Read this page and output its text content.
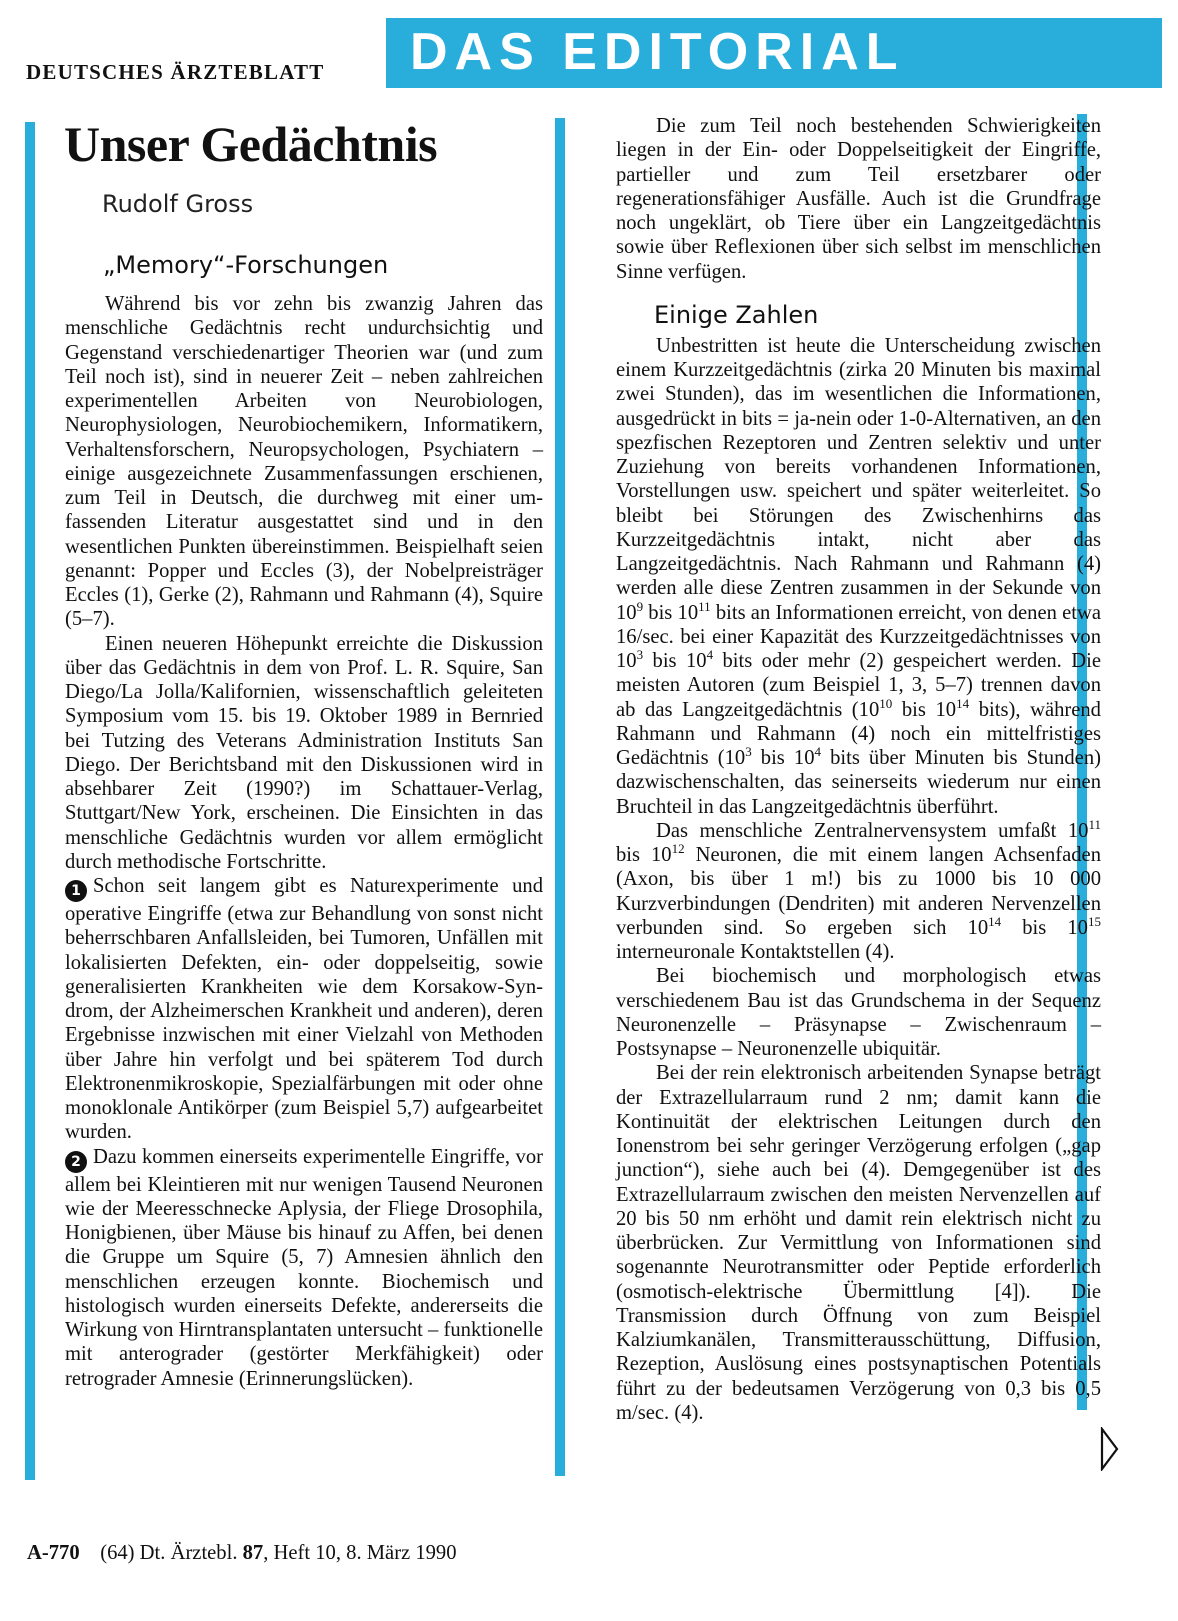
DEUTSCHES ÄRZTEBLATT DAS EDITORIAL
Unser Gedächtnis
Rudolf Gross
„Memory“-Forschungen

Während bis vor zehn bis zwanzig Jahren das menschliche Gedächtnis recht undurchsichtig und Gegenstand verschiedenartiger Theorien war (und zum Teil noch ist), sind in neuerer Zeit – neben zahlreichen experimentellen Arbeiten von Neurobiologen, Neurophysiologen, Neurobiochemikern, Informatikern, Verhaltensforschern, Neuropsychologen, Psychiatern – einige ausgezeichnete Zusammenfassungen erschienen, zum Teil in Deutsch, die durchweg mit einer umfassenden Literatur ausgestattet sind und in den wesentlichen Punkten übereinstimmen. Beispielhaft seien genannt: Popper und Eccles (3), der Nobelpreisträger Eccles (1), Gerke (2), Rahmann und Rahmann (4), Squire (5–7).

Einen neueren Höhepunkt erreichte die Diskussion über das Gedächtnis in dem von Prof. L. R. Squire, San Diego/La Jolla/Kalifornien, wissenschaftlich geleiteten Symposium vom 15. bis 19. Oktober 1989 in Bernried bei Tutzing des Veterans Administration Instituts San Diego. Der Berichtsband mit den Diskussionen wird in absehbarer Zeit (1990?) im Schattauer-Verlag, Stuttgart/New York, erscheinen. Die Einsichten in das menschliche Gedächtnis wurden vor allem ermöglicht durch methodische Fortschritte.

1 Schon seit langem gibt es Naturexperimente und operative Eingriffe (etwa zur Behandlung von sonst nicht beherrschbaren Anfallsleiden, bei Tumoren, Unfällen mit lokalisierten Defekten, ein- oder doppelseitig, sowie generalisierten Krankheiten wie dem Korsakow-Syndrom, der Alzheimerschen Krankheit und anderen), deren Ergebnisse inzwischen mit einer Vielzahl von Methoden über Jahre hin verfolgt und bei späterem Tod durch Elektronenmikroskopie, Spezialfärbungen mit oder ohne monoklonale Antikörper (zum Beispiel 5,7) aufgearbeitet wurden.

2 Dazu kommen einerseits experimentelle Eingriffe, vor allem bei Kleintieren mit nur wenigen Tausend Neuronen wie der Meeresschnecke Aplysia, der Fliege Drosophila, Honigbienen, über Mäuse bis hinauf zu Affen, bei denen die Gruppe um Squire (5, 7) Amnesien ähnlich den menschlichen erzeugen konnte. Biochemisch und histologisch wurden einerseits Defekte, andererseits die Wirkung von Hirntransplantaten untersucht – funktionelle mit anterograder (gestörter Merkfähigkeit) oder retrograder Amnesie (Erinnerungslücken).

Die zum Teil noch bestehenden Schwierigkeiten liegen in der Ein- oder Doppelseitigkeit der Eingriffe, partieller und zum Teil ersetzbarer oder regenerationsfähiger Ausfälle. Auch ist die Grundfrage noch ungeklärt, ob Tiere über ein Langzeitgedächtnis sowie über Reflexionen über sich selbst im menschlichen Sinne verfügen.

Einige Zahlen

Unbestritten ist heute die Unterscheidung zwischen einem Kurzzeitgedächtnis (zirka 20 Minuten bis maximal zwei Stunden), das im wesentlichen die Informationen, ausgedrückt in bits = ja-nein oder 1-0-Alternativen, an den spezfischen Rezeptoren und Zentren selektiv und unter Zuziehung von bereits vorhandenen Informationen, Vorstellungen usw. speichert und später weiterleitet. So bleibt bei Störungen des Zwischenhirns das Kurzzeitgedächtnis intakt, nicht aber das Langzeitgedächtnis. Nach Rahmann und Rahmann (4) werden alle diese Zentren zusammen in der Sekunde von $10^9$ bis $10^{11}$ bits an Informationen erreicht, von denen etwa 16/sec. bei einer Kapazität des Kurzzeitgedächtnisses von $10^3$ bis $10^4$ bits oder mehr (2) gespeichert werden. Die meisten Autoren (zum Beispiel 1, 3, 5–7) trennen davon ab das Langzeitgedächtnis ($10^{10}$ bis $10^{14}$ bits), während Rahmann und Rahmann (4) noch ein mittelfristiges Gedächtnis ($10^3$ bis $10^4$ bits über Minuten bis Stunden) dazwischenschalten, das seinerseits wiederum nur einen Bruchteil in das Langzeitgedächtnis überführt.

Das menschliche Zentralnervensystem umfaßt $10^{11}$ bis $10^{12}$ Neuronen, die mit einem langen Achsenfaden (Axon, bis über 1 m!) bis zu 1000 bis 10 000 Kurzverbindungen (Dendriten) mit anderen Nervenzellen verbunden sind. So ergeben sich $10^{14}$ bis $10^{15}$ interneuronale Kontaktstellen (4).

Bei biochemisch und morphologisch etwas verschiedenem Bau ist das Grundschema in der Sequenz Neuronenzelle – Präsynapse – Zwischenraum – Postsynapse – Neuronenzelle ubiquitär.

Bei der rein elektronisch arbeitenden Synapse beträgt der Extrazellularraum rund 2 nm; damit kann die Kontinuität der elektrischen Leitungen durch den Ionenstrom bei sehr geringer Verzögerung erfolgen („gap junction“), siehe auch bei (4). Demgegenüber ist des Extrazellularraum zwischen den meisten Nervenzellen auf 20 bis 50 nm erhöht und damit rein elektrisch nicht zu überbrücken. Zur Vermittlung von Informationen sind sogenannte Neurotransmitter oder Peptide erforderlich (osmotisch-elektrische Übermittlung [4]). Die Transmission durch Öffnung von zum Beispiel Kalziumkanälen, Transmitterausschüttung, Diffusion, Rezeption, Auslösung eines postsynaptischen Potentials führt zu der bedeutsamen Verzögerung von 0,3 bis 0,5 m/sec. (4).

A-770 (64) Dt. Ärztebl. 87, Heft 10, 8. März 1990
